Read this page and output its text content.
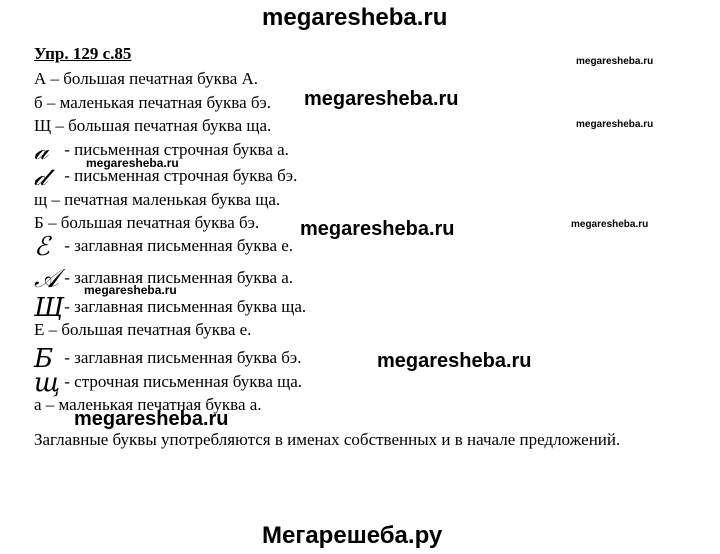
megaresheba.ru
Упр. 129 с.85
А – большая печатная буква А.
б – маленькая печатная буква бэ.
Щ – большая печатная буква ща.
𝒶 - письменная строчная буква а.
𝒹 - письменная строчная буква бэ.
щ – печатная маленькая буква ща.
Б – большая печатная буква бэ.
ℰ - заглавная письменная буква е.
𝒜 - заглавная письменная буква а.
Щ - заглавная письменная буква ща.
Е – большая печатная буква е.
Б - заглавная письменная буква бэ.
щ - строчная письменная буква ща.
а – маленькая печатная буква а.
Заглавные буквы употребляются в именах собственных и в начале предложений.
megaresheba.ru
megaresheba.ru
megaresheba.ru
megaresheba.ru
megaresheba.ru
megaresheba.ru
megaresheba.ru
megaresheba.ru
megaresheba.ru
Мегарешеба.ру
